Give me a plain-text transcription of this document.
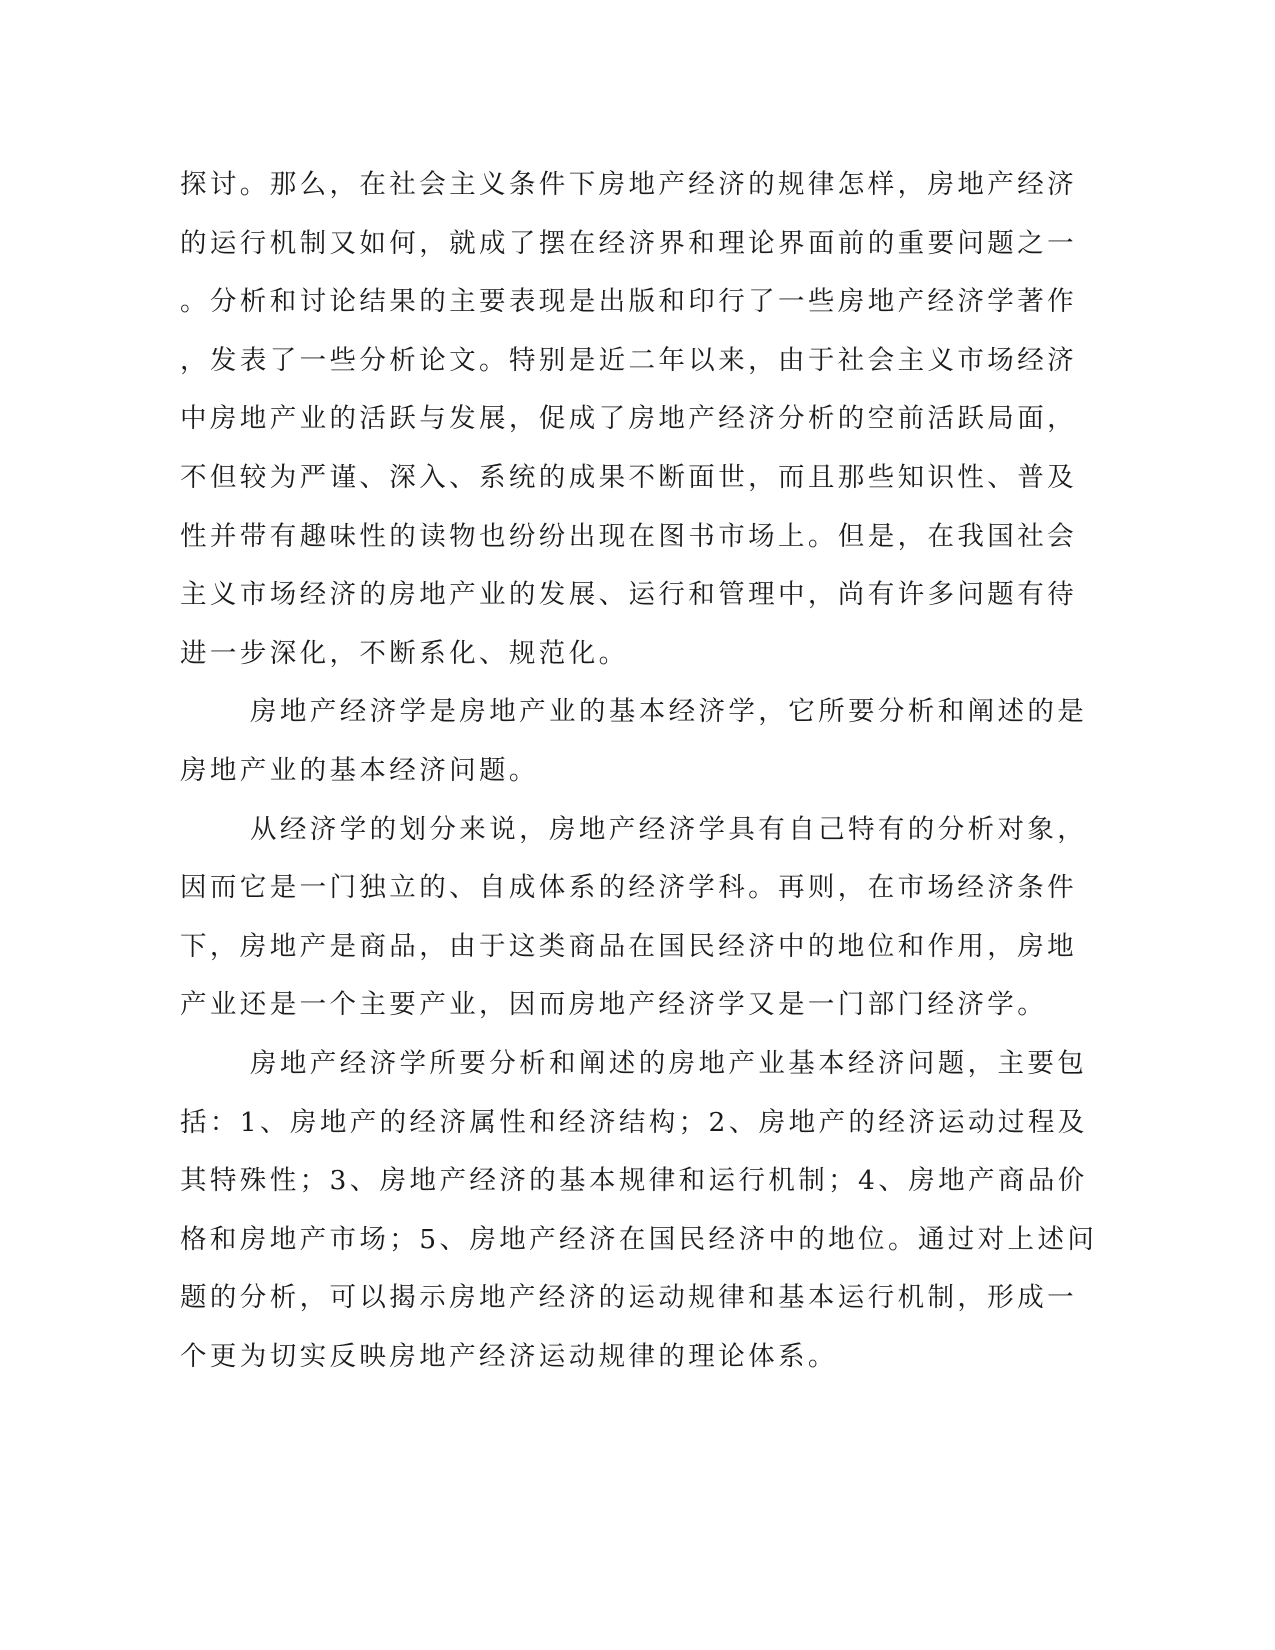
探讨。那么，在社会主义条件下房地产经济的规律怎样，房地产经济
的运行机制又如何，就成了摆在经济界和理论界面前的重要问题之一
。分析和讨论结果的主要表现是出版和印行了一些房地产经济学著作
，发表了一些分析论文。特别是近二年以来，由于社会主义市场经济
中房地产业的活跃与发展，促成了房地产经济分析的空前活跃局面，
不但较为严谨、深入、系统的成果不断面世，而且那些知识性、普及
性并带有趣味性的读物也纷纷出现在图书市场上。但是，在我国社会
主义市场经济的房地产业的发展、运行和管理中，尚有许多问题有待
进一步深化，不断系化、规范化。
房地产经济学是房地产业的基本经济学，它所要分析和阐述的是
房地产业的基本经济问题。
从经济学的划分来说，房地产经济学具有自己特有的分析对象，
因而它是一门独立的、自成体系的经济学科。再则，在市场经济条件
下，房地产是商品，由于这类商品在国民经济中的地位和作用，房地
产业还是一个主要产业，因而房地产经济学又是一门部门经济学。
房地产经济学所要分析和阐述的房地产业基本经济问题，主要包
括：1、房地产的经济属性和经济结构；2、房地产的经济运动过程及
其特殊性；3、房地产经济的基本规律和运行机制；4、房地产商品价
格和房地产市场；5、房地产经济在国民经济中的地位。通过对上述问
题的分析，可以揭示房地产经济的运动规律和基本运行机制，形成一
个更为切实反映房地产经济运动规律的理论体系。
